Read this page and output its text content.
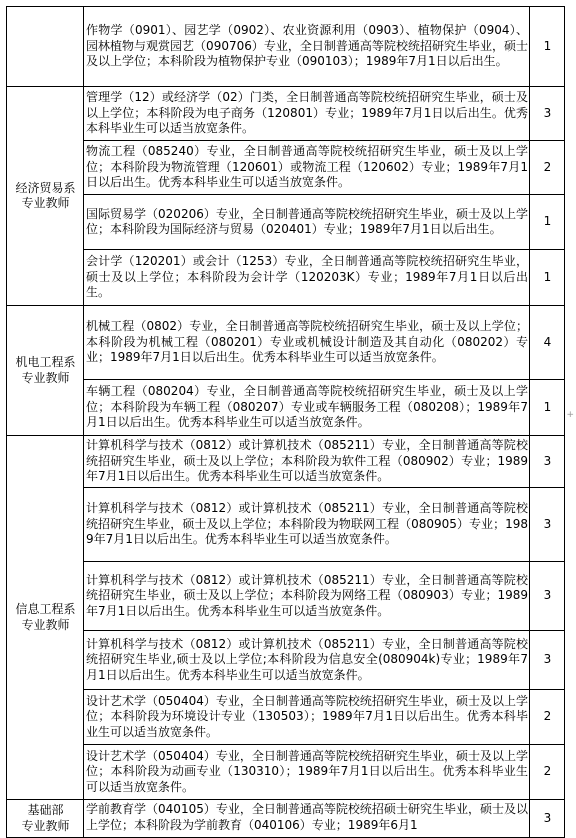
	作物学（0901）、园艺学（0902）、农业资源利用（0903）、植物保护（0904）、园林植物与观赏园艺（090706）专业，全日制普通高等院校统招研究生毕业，硕士及以上学位；本科阶段为植物保护专业（090103）；1989年7月1日以后出生。	1
经济贸易系
专业教师	管理学（12）或经济学（02）门类，全日制普通高等院校统招研究生毕业，硕士及以上学位；本科阶段为电子商务（120801）专业；1989年7月1日以后出生。优秀本科毕业生可以适当放宽条件。	3
	物流工程（085240）专业，全日制普通高等院校统招研究生毕业，硕士及以上学位；本科阶段为物流管理（120601）或物流工程（120602）专业；1989年7月1日以后出生。优秀本科毕业生可以适当放宽条件。	2
	国际贸易学（020206）专业，全日制普通高等院校统招研究生毕业，硕士及以上学位；本科阶段为国际经济与贸易（020401）专业；1989年7月1日以后出生。	1
	会计学（120201）或会计（1253）专业，全日制普通高等院校统招研究生毕业，硕士及以上学位；本科阶段为会计学（120203K）专业；1989年7月1日以后出生。	1
机电工程系
专业教师	机械工程（0802）专业，全日制普通高等院校统招研究生毕业，硕士及以上学位；本科阶段为机械工程（080201）专业或机械设计制造及其自动化（080202）专业；1989年7月1日以后出生。优秀本科毕业生可以适当放宽条件。	4
	车辆工程（080204）专业，全日制普通高等院校统招研究生毕业，硕士及以上学位；本科阶段为车辆工程（080207）专业或车辆服务工程（080208）；1989年7月1日以后出生。优秀本科毕业生可以适当放宽条件。	1
信息工程系
专业教师	计算机科学与技术（0812）或计算机技术（085211）专业，全日制普通高等院校统招研究生毕业，硕士及以上学位；本科阶段为软件工程（080902）专业；1989年7月1日以后出生。优秀本科毕业生可以适当放宽条件。	3
	计算机科学与技术（0812）或计算机技术（085211）专业，全日制普通高等院校统招研究生毕业，硕士及以上学位；本科阶段为物联网工程（080905）专业；1989年7月1日以后出生。优秀本科毕业生可以适当放宽条件。	3
	计算机科学与技术（0812）或计算机技术（085211）专业，全日制普通高等院校统招研究生毕业，硕士及以上学位；本科阶段为网络工程（080903）专业；1989年7月1日以后出生。优秀本科毕业生可以适当放宽条件。	3
	计算机科学与技术（0812）或计算机技术（085211）专业，全日制普通高等院校统招研究生毕业,硕士及以上学位;本科阶段为信息安全(080904k)专业；1989年7月1日以后出生。优秀本科毕业生可以适当放宽条件。	3
	设计艺术学（050404）专业，全日制普通高等院校统招研究生毕业，硕士及以上学位；本科阶段为环境设计专业（130503）；1989年7月1日以后出生。优秀本科毕业生可以适当放宽条件。	2
	设计艺术学（050404）专业，全日制普通高等院校统招研究生毕业，硕士及以上学位；本科阶段为动画专业（130310）；1989年7月1日以后出生。优秀本科毕业生可以适当放宽条件。	2
基础部
专业教师	学前教育学（040105）专业，全日制普通高等院校统招硕士研究生毕业，硕士及以上学位；本科阶段为学前教育（040106）专业；1989年6月1	3
+
